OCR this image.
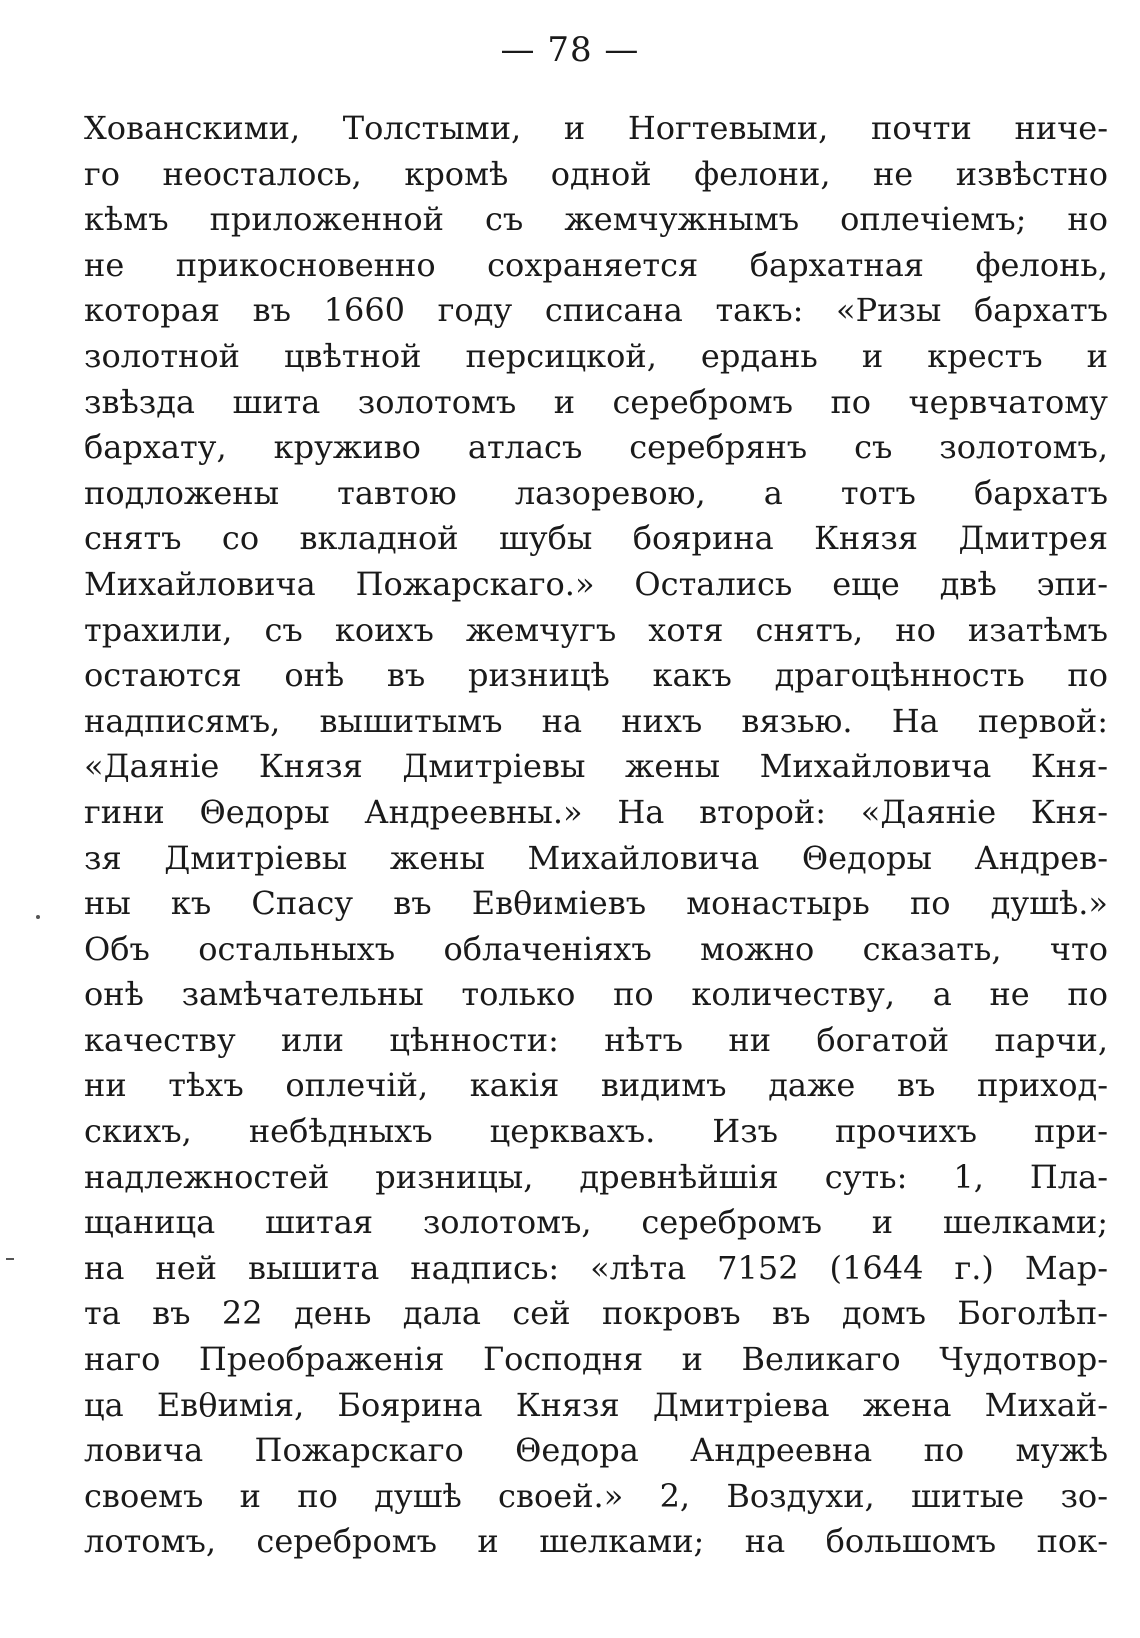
— 78 —
Хованскими, Толстыми, и Ногтевыми, почти ниче-
го неосталось, кромѣ одной фелони, не извѣстно
кѣмъ приложенной съ жемчужнымъ оплечіемъ; но
не прикосновенно сохраняется бархатная фелонь,
которая въ 1660 году списана такъ: «Ризы бархатъ
золотной цвѣтной персицкой, ердань и крестъ и
звѣзда шита золотомъ и серебромъ по червчатому
бархату, круживо атласъ серебрянъ съ золотомъ,
подложены тавтою лазоревою, а тотъ бархатъ
снятъ со вкладной шубы боярина Князя Дмитрея
Михайловича Пожарскаго.» Остались еще двѣ эпи-
трахили, съ коихъ жемчугъ хотя снятъ, но изатѣмъ
остаются онѣ въ ризницѣ какъ драгоцѣнность по
надписямъ, вышитымъ на нихъ вязью. На первой:
«Даяніе Князя Дмитріевы жены Михайловича Кня-
гини Θедоры Андреевны.» На второй: «Даяніе Кня-
зя Дмитріевы жены Михайловича Θедоры Андрев-
ны къ Спасу въ Евθиміевъ монастырь по душѣ.»
Объ остальныхъ облаченіяхъ можно сказать, что
онѣ замѣчательны только по количеству, а не по
качеству или цѣнности: нѣтъ ни богатой парчи,
ни тѣхъ оплечій, какія видимъ даже въ приход-
скихъ, небѣдныхъ церквахъ. Изъ прочихъ при-
надлежностей ризницы, древнѣйшія суть: 1, Пла-
щаница шитая золотомъ, серебромъ и шелками;
на ней вышита надпись: «лѣта 7152 (1644 г.) Мар-
та въ 22 день дала сей покровъ въ домъ Боголѣп-
наго Преображенія Господня и Великаго Чудотвор-
ца Евθимія, Боярина Князя Дмитріева жена Михай-
ловича Пожарскаго Θедора Андреевна по мужѣ
своемъ и по душѣ своей.» 2, Воздухи, шитые зо-
лотомъ, серебромъ и шелками; на большомъ пок-
